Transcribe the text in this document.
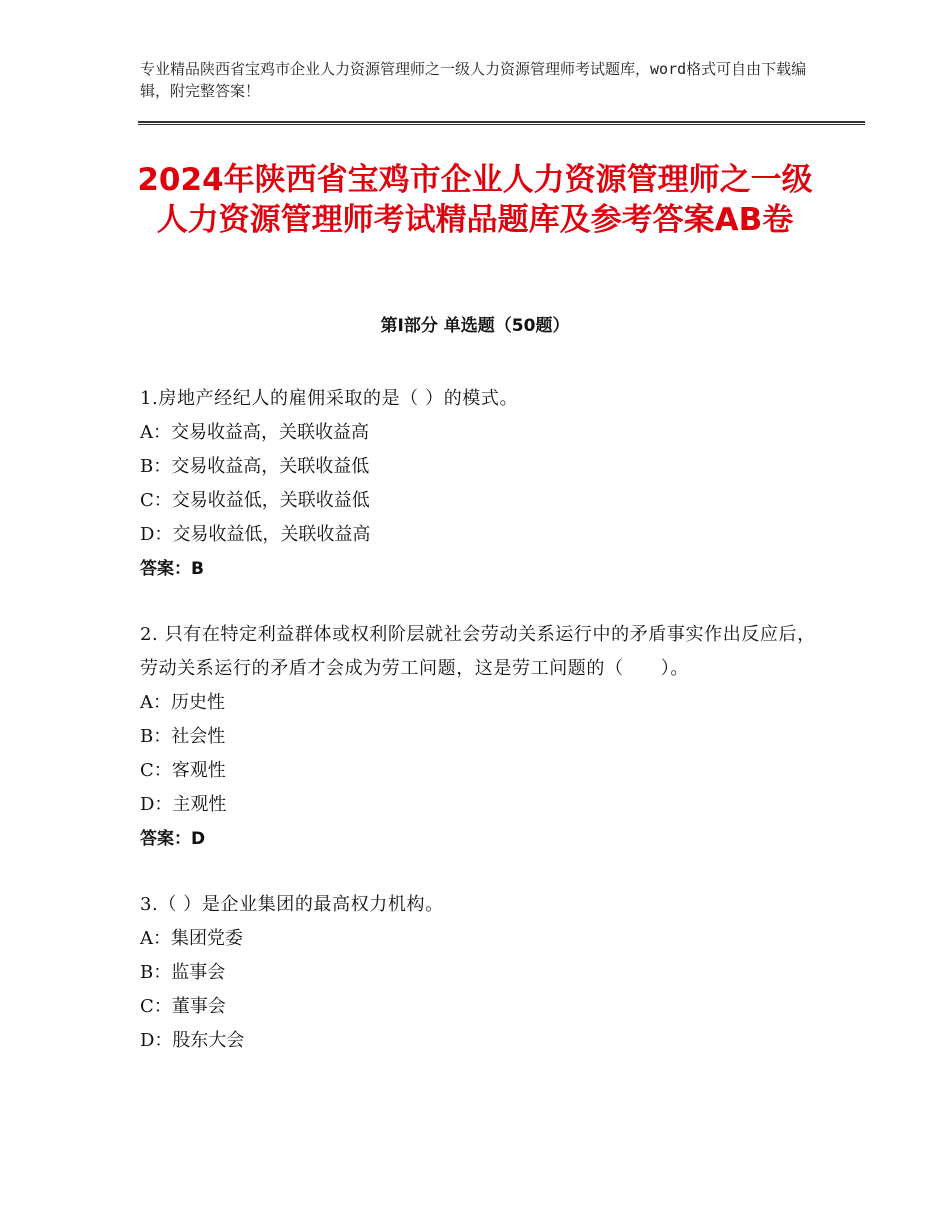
专业精品陕西省宝鸡市企业人力资源管理师之一级人力资源管理师考试题库，word格式可自由下载编辑，附完整答案！
2024年陕西省宝鸡市企业人力资源管理师之一级人力资源管理师考试精品题库及参考答案AB卷
第Ⅰ部分 单选题（50题）
1.房地产经纪人的雇佣采取的是（ ）的模式。
A：交易收益高，关联收益高
B：交易收益高，关联收益低
C：交易收益低，关联收益低
D：交易收益低，关联收益高
答案：B
2. 只有在特定利益群体或权利阶层就社会劳动关系运行中的矛盾事实作出反应后，劳动关系运行的矛盾才会成为劳工问题，这是劳工问题的（　　）。
A：历史性
B：社会性
C：客观性
D：主观性
答案：D
3.（ ）是企业集团的最高权力机构。
A：集团党委
B：监事会
C：董事会
D：股东大会
